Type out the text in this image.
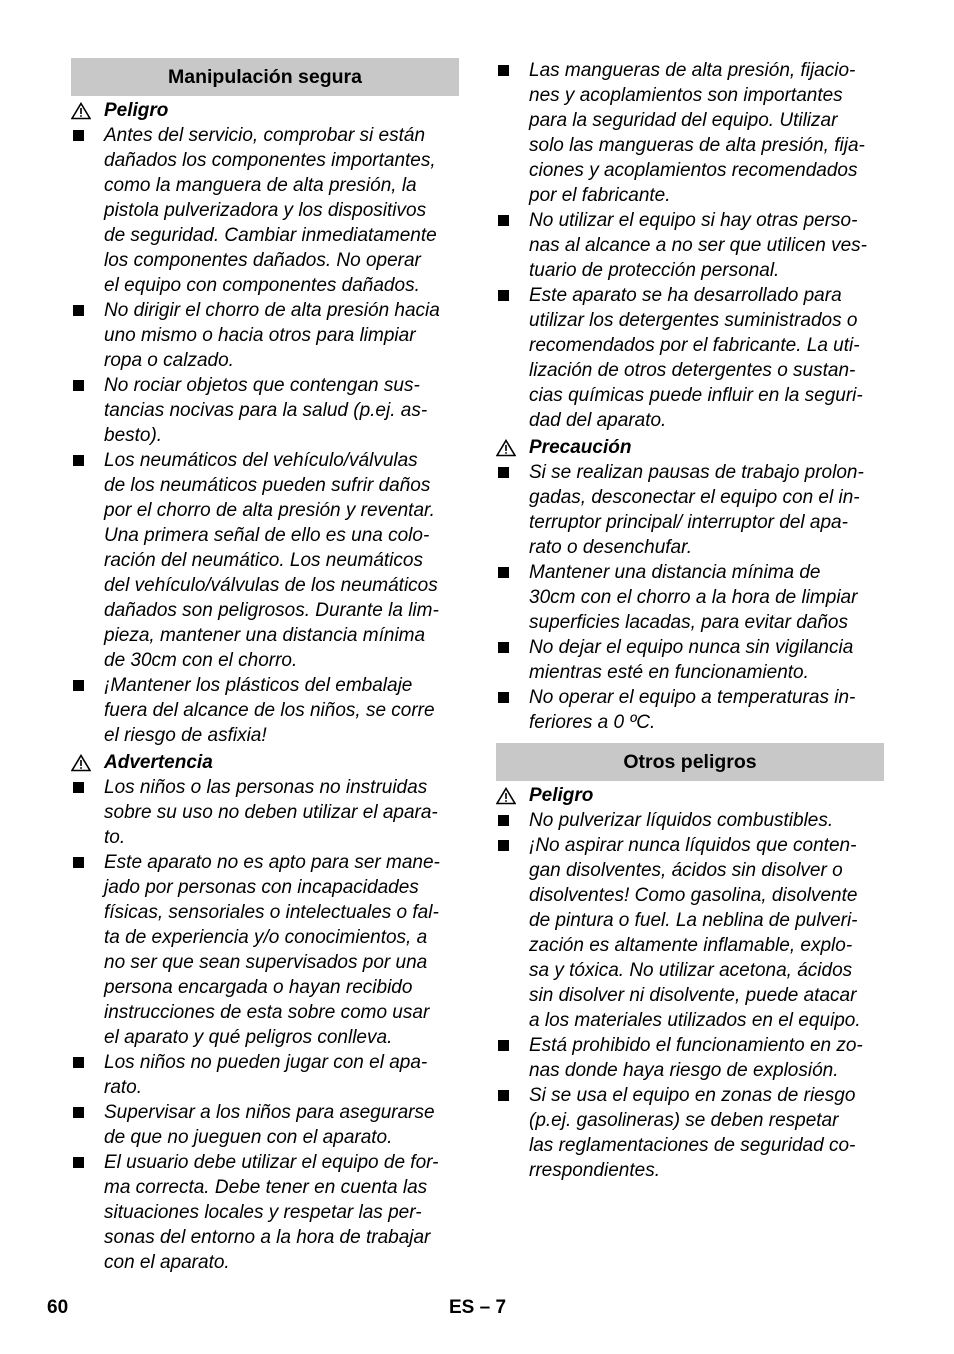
Manipulación segura
Peligro
Antes del servicio, comprobar si están
dañados los componentes importantes,
como la manguera de alta presión, la
pistola pulverizadora y los dispositivos
de seguridad. Cambiar inmediatamente
los componentes dañados. No operar
el equipo con componentes dañados.
No dirigir el chorro de alta presión hacia
uno mismo o hacia otros para limpiar
ropa o calzado.
No rociar objetos que contengan sus-
tancias nocivas para la salud (p.ej. as-
besto).
Los neumáticos del vehículo/válvulas
de los neumáticos pueden sufrir daños
por el chorro de alta presión y reventar.
Una primera señal de ello es una colo-
ración del neumático. Los neumáticos
del vehículo/válvulas de los neumáticos
dañados son peligrosos. Durante la lim-
pieza, mantener una distancia mínima
de 30cm con el chorro.
¡Mantener los plásticos del embalaje
fuera del alcance de los niños, se corre
el riesgo de asfixia!
Advertencia
Los niños o las personas no instruidas
sobre su uso no deben utilizar el apara-
to.
Este aparato no es apto para ser mane-
jado por personas con incapacidades
físicas, sensoriales o intelectuales o fal-
ta de experiencia y/o conocimientos, a
no ser que sean supervisados por una
persona encargada o hayan recibido
instrucciones de esta sobre como usar
el aparato y qué peligros conlleva.
Los niños no pueden jugar con el apa-
rato.
Supervisar a los niños para asegurarse
de que no jueguen con el aparato.
El usuario debe utilizar el equipo de for-
ma correcta. Debe tener en cuenta las
situaciones locales y respetar las per-
sonas del entorno a la hora de trabajar
con el aparato.
Las mangueras de alta presión, fijacio-
nes y acoplamientos son importantes
para la seguridad del equipo. Utilizar
solo las mangueras de alta presión, fija-
ciones y acoplamientos recomendados
por el fabricante.
No utilizar el equipo si hay otras perso-
nas al alcance a no ser que utilicen ves-
tuario de protección personal.
Este aparato se ha desarrollado para
utilizar los detergentes suministrados o
recomendados por el fabricante. La uti-
lización de otros detergentes o sustan-
cias químicas puede influir en la seguri-
dad del aparato.
Precaución
Si se realizan pausas de trabajo prolon-
gadas, desconectar el equipo con el in-
terruptor principal/ interruptor del apa-
rato o desenchufar.
Mantener una distancia mínima de
30cm con el chorro a la hora de limpiar
superficies lacadas, para evitar daños
No dejar el equipo nunca sin vigilancia
mientras esté en funcionamiento.
No operar el equipo a temperaturas in-
feriores a 0 ºC.
Otros peligros
Peligro
No pulverizar líquidos combustibles.
¡No aspirar nunca líquidos que conten-
gan disolventes, ácidos sin disolver o
disolventes! Como gasolina, disolvente
de pintura o fuel. La neblina de pulveri-
zación es altamente inflamable, explo-
sa y tóxica. No utilizar acetona, ácidos
sin disolver ni disolvente, puede atacar
a los materiales utilizados en el equipo.
Está prohibido el funcionamiento en zo-
nas donde haya riesgo de explosión.
Si se usa el equipo en zonas de riesgo
(p.ej. gasolineras) se deben respetar
las reglamentaciones de seguridad co-
rrespondientes.
60	ES – 7
